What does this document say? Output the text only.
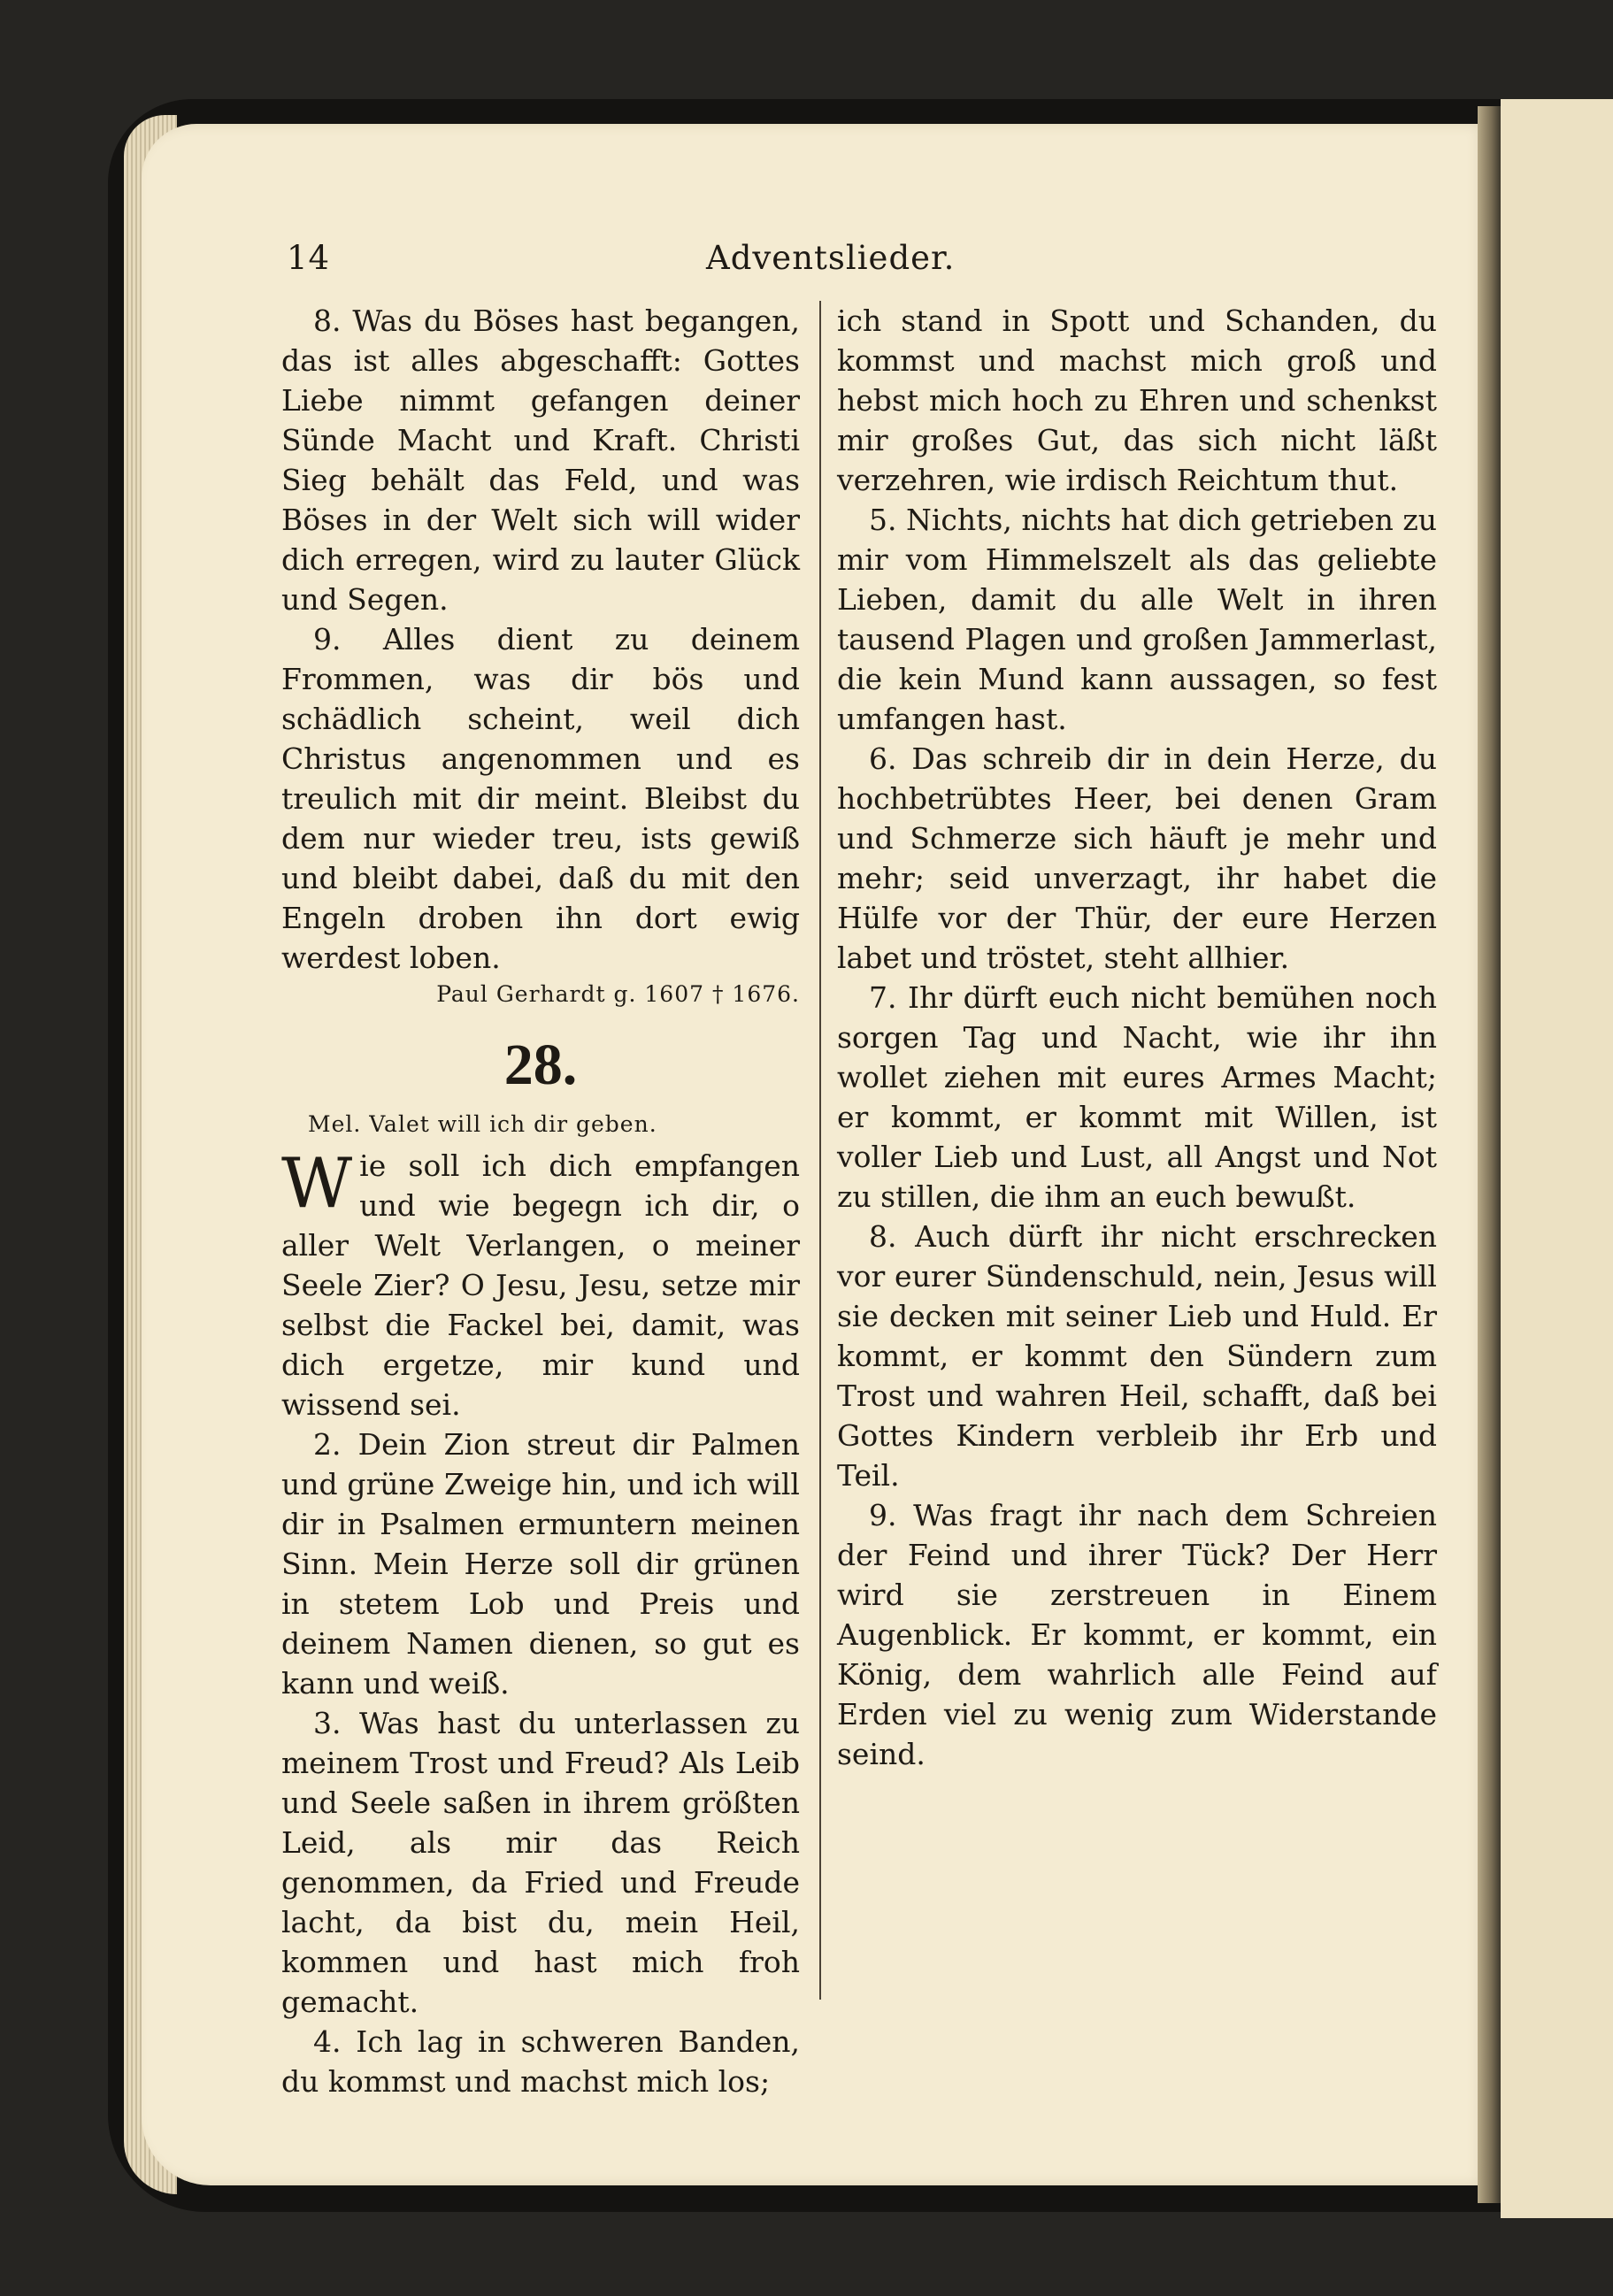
14	Adventslieder.

8. Was du Böses hast begangen, das ist alles abgeschafft: Gottes Liebe nimmt gefangen deiner Sünde Macht und Kraft. Christi Sieg behält das Feld, und was Böses in der Welt sich will wider dich erregen, wird zu lauter Glück und Segen.

9. Alles dient zu deinem Frommen, was dir bös und schädlich scheint, weil dich Christus angenommen und es treulich mit dir meint. Bleibst du dem nur wieder treu, ists gewiß und bleibt dabei, daß du mit den Engeln droben ihn dort ewig werdest loben.

Paul Gerhardt g. 1607 † 1676.

28.

Mel. Valet will ich dir geben.

Wie soll ich dich empfangen und wie begegn ich dir, o aller Welt Verlangen, o meiner Seele Zier? O Jesu, Jesu, setze mir selbst die Fackel bei, damit, was dich ergetze, mir kund und wissend sei.

2. Dein Zion streut dir Palmen und grüne Zweige hin, und ich will dir in Psalmen ermuntern meinen Sinn. Mein Herze soll dir grünen in stetem Lob und Preis und deinem Namen dienen, so gut es kann und weiß.

3. Was hast du unterlassen zu meinem Trost und Freud? Als Leib und Seele saßen in ihrem größten Leid, als mir das Reich genommen, da Fried und Freude lacht, da bist du, mein Heil, kommen und hast mich froh gemacht.

4. Ich lag in schweren Banden, du kommst und machst mich los;

ich stand in Spott und Schanden, du kommst und machst mich groß und hebst mich hoch zu Ehren und schenkst mir großes Gut, das sich nicht läßt verzehren, wie irdisch Reichtum thut.

5. Nichts, nichts hat dich getrieben zu mir vom Himmelszelt als das geliebte Lieben, damit du alle Welt in ihren tausend Plagen und großen Jammerlast, die kein Mund kann aussagen, so fest umfangen hast.

6. Das schreib dir in dein Herze, du hochbetrübtes Heer, bei denen Gram und Schmerze sich häuft je mehr und mehr; seid unverzagt, ihr habet die Hülfe vor der Thür, der eure Herzen labet und tröstet, steht allhier.

7. Ihr dürft euch nicht bemühen noch sorgen Tag und Nacht, wie ihr ihn wollet ziehen mit eures Armes Macht; er kommt, er kommt mit Willen, ist voller Lieb und Lust, all Angst und Not zu stillen, die ihm an euch bewußt.

8. Auch dürft ihr nicht erschrecken vor eurer Sündenschuld, nein, Jesus will sie decken mit seiner Lieb und Huld. Er kommt, er kommt den Sündern zum Trost und wahren Heil, schafft, daß bei Gottes Kindern verbleib ihr Erb und Teil.

9. Was fragt ihr nach dem Schreien der Feind und ihrer Tück? Der Herr wird sie zerstreuen in Einem Augenblick. Er kommt, er kommt, ein König, dem wahrlich alle Feind auf Erden viel zu wenig zum Widerstande seind.
